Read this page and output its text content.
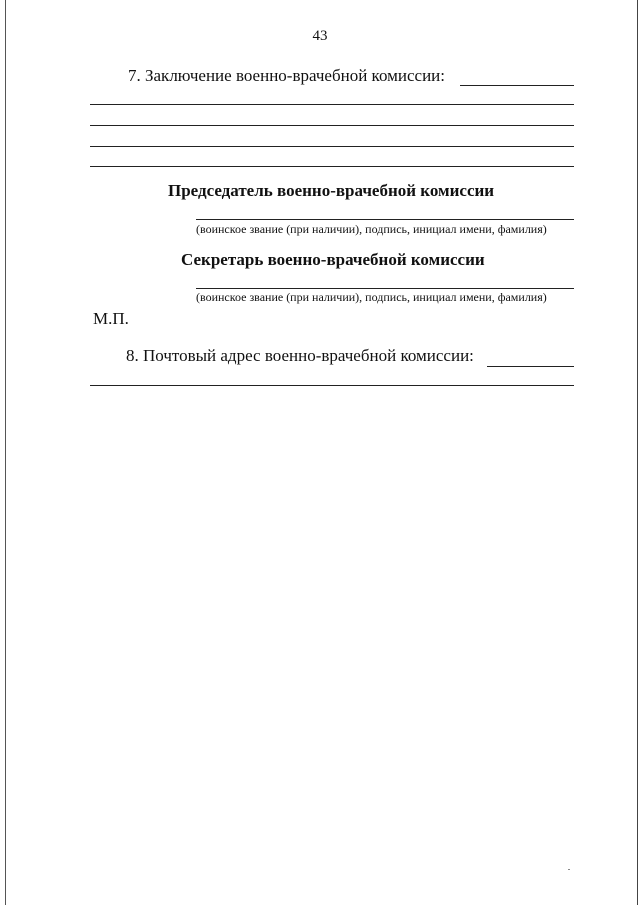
43
7. Заключение военно-врачебной комиссии:
Председатель военно-врачебной комиссии
(воинское звание (при наличии), подпись, инициал имени, фамилия)
Секретарь военно-врачебной комиссии
(воинское звание (при наличии), подпись, инициал имени, фамилия)
М.П.
8. Почтовый адрес военно-врачебной комиссии:
